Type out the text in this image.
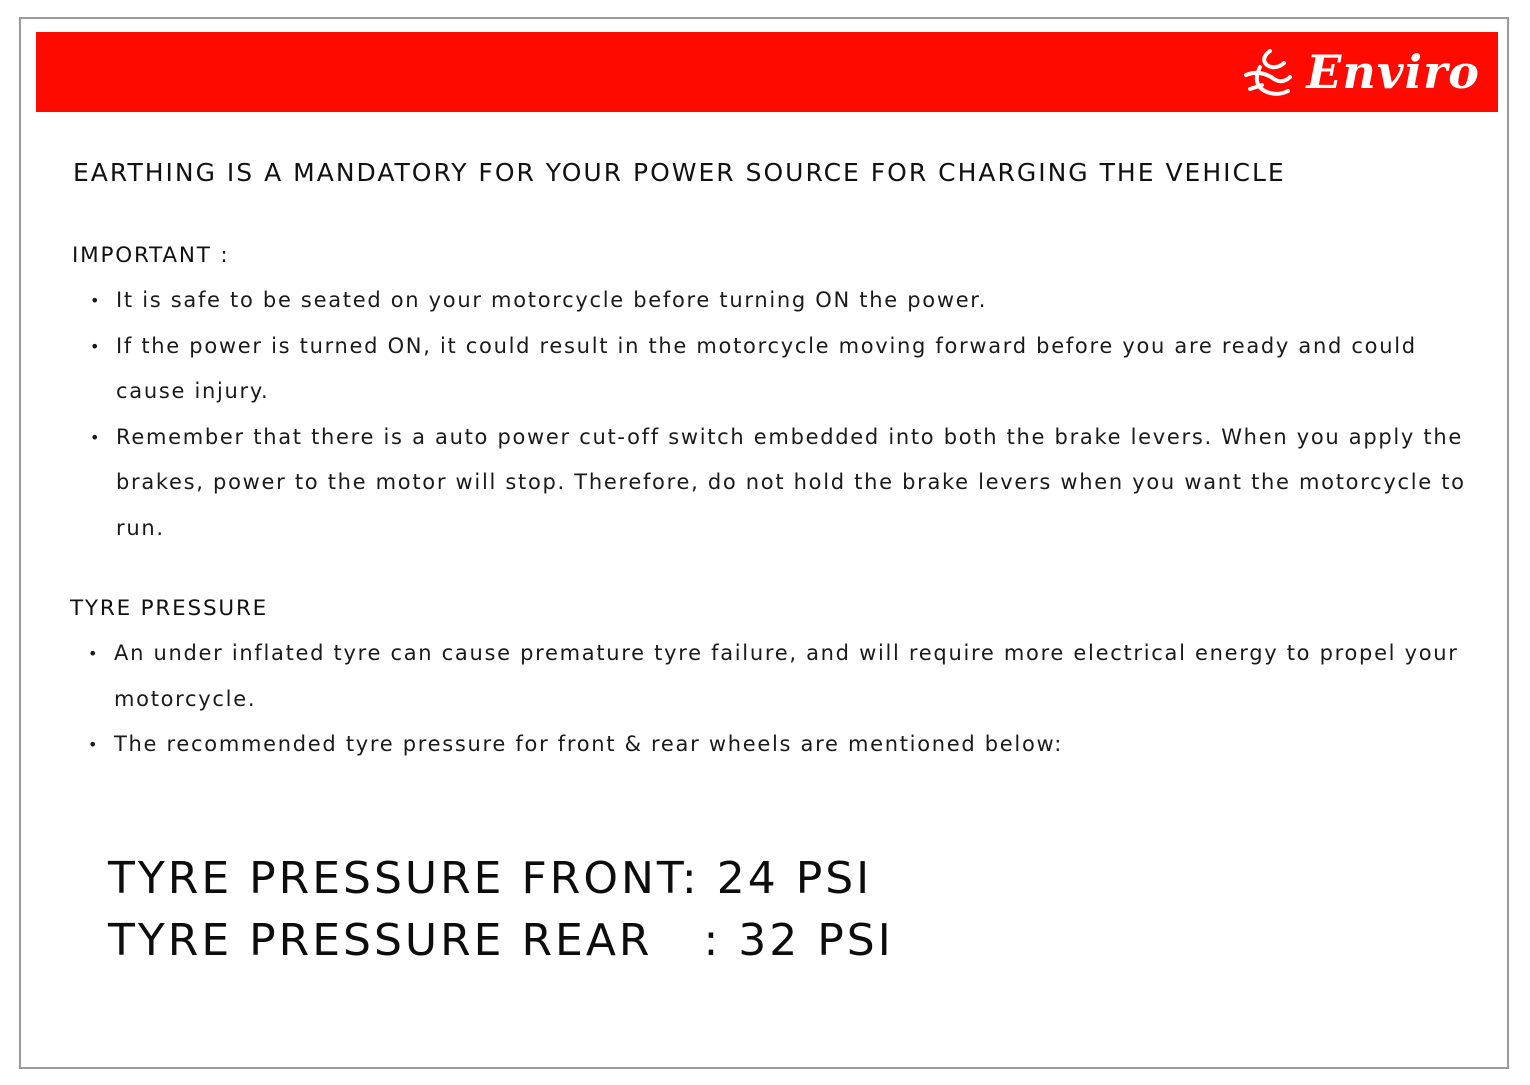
Enviro
EARTHING IS A MANDATORY FOR YOUR POWER SOURCE FOR CHARGING THE VEHICLE
IMPORTANT :
• It is safe to be seated on your motorcycle before turning ON the power.
• If the power is turned ON, it could result in the motorcycle moving forward before you are ready and could cause injury.
• Remember that there is a auto power cut-off switch embedded into both the brake levers. When you apply the brakes, power to the motor will stop. Therefore, do not hold the brake levers when you want the motorcycle to run.
TYRE PRESSURE
• An under inflated tyre can cause premature tyre failure, and will require more electrical energy to propel your motorcycle.
• The recommended tyre pressure for front & rear wheels are mentioned below:

TYRE PRESSURE FRONT: 24 PSI

TYRE PRESSURE REAR   : 32 PSI
